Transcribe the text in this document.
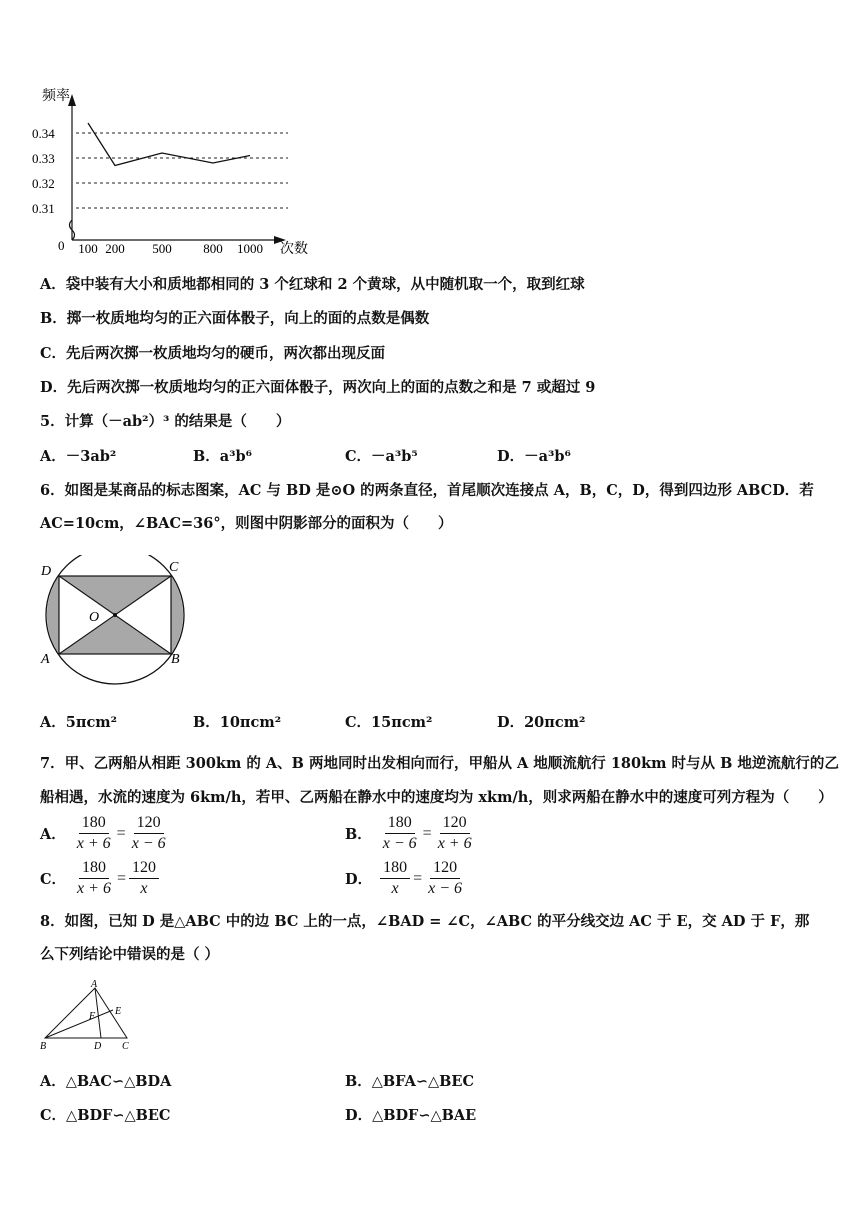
频率
0	次数
0.34
0.33
0.32
0.31
100 200 500 800 1000
A．袋中装有大小和质地都相同的 3 个红球和 2 个黄球，从中随机取一个，取到红球
B．掷一枚质地均匀的正六面体骰子，向上的面的点数是偶数
C．先后两次掷一枚质地均匀的硬币，两次都出现反面
D．先后两次掷一枚质地均匀的正六面体骰子，两次向上的面的点数之和是 7 或超过 9
5．计算（－ab²）³ 的结果是（　　）
A．－3ab²	B．a³b⁶	C．－a³b⁵	D．－a³b⁶
6．如图是某商品的标志图案，AC 与 BD 是⊙O 的两条直径，首尾顺次连接点 A，B，C，D，得到四边形 ABCD．若
AC=10cm，∠BAC=36°，则图中阴影部分的面积为（　　）
D	C
O
A	B
A．5πcm²	B．10πcm²	C．15πcm²	D．20πcm²
7．甲、乙两船从相距 300km 的 A、B 两地同时出发相向而行，甲船从 A 地顺流航行 180km 时与从 B 地逆流航行的乙
船相遇，水流的速度为 6km/h，若甲、乙两船在静水中的速度均为 xkm/h，则求两船在静水中的速度可列方程为（　　）
A． $\frac{180}{x + 6} = \frac{120}{x - 6}$	B． $\frac{180}{x - 6} = \frac{120}{x + 6}$
C． $\frac{180}{x + 6} = \frac{120}{x}$	D． $\frac{180}{x} = \frac{120}{x - 6}$
8．如图，已知 D 是△ABC 中的边 BC 上的一点，∠BAD = ∠C，∠ABC 的平分线交边 AC 于 E，交 AD 于 F，那
么下列结论中错误的是（ ）
A
E
F
B	D C
A．△BAC∽△BDA	B．△BFA∽△BEC
C．△BDF∽△BEC	D．△BDF∽△BAE
